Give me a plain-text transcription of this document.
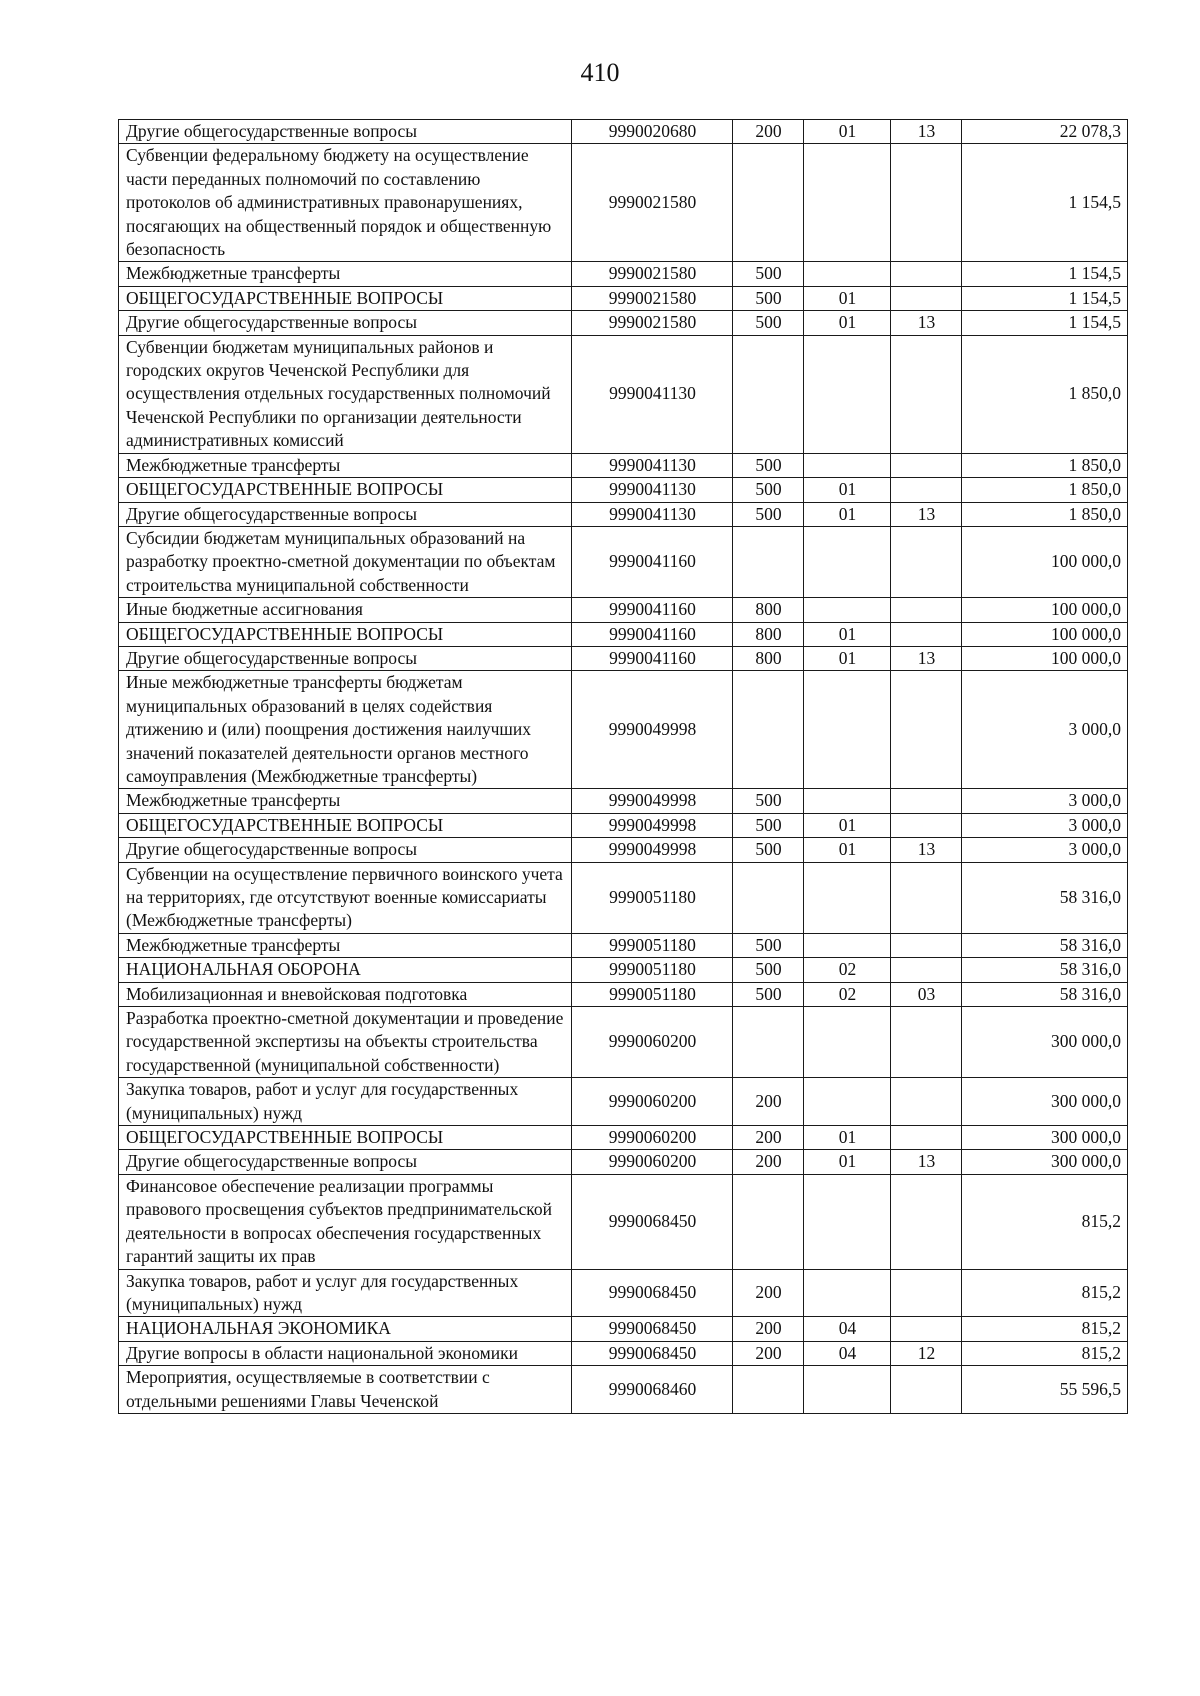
410
Другие общегосударственные вопросы	9990020680	200	01	13	22 078,3
Субвенции федеральному бюджету на осуществление части переданных полномочий по составлению протоколов об административных правонарушениях, посягающих на общественный порядок и общественную безопасность	9990021580				1 154,5
Межбюджетные трансферты	9990021580	500			1 154,5
ОБЩЕГОСУДАРСТВЕННЫЕ ВОПРОСЫ	9990021580	500	01		1 154,5
Другие общегосударственные вопросы	9990021580	500	01	13	1 154,5
Субвенции бюджетам муниципальных районов и городских округов Чеченской Республики для осуществления отдельных государственных полномочий Чеченской Республики по организации деятельности административных комиссий	9990041130				1 850,0
Межбюджетные трансферты	9990041130	500			1 850,0
ОБЩЕГОСУДАРСТВЕННЫЕ ВОПРОСЫ	9990041130	500	01		1 850,0
Другие общегосударственные вопросы	9990041130	500	01	13	1 850,0
Субсидии бюджетам муниципальных образований на разработку проектно-сметной документации по объектам строительства муниципальной собственности	9990041160				100 000,0
Иные бюджетные ассигнования	9990041160	800			100 000,0
ОБЩЕГОСУДАРСТВЕННЫЕ ВОПРОСЫ	9990041160	800	01		100 000,0
Другие общегосударственные вопросы	9990041160	800	01	13	100 000,0
Иные межбюджетные трансферты бюджетам муниципальных образований в целях содействия дтижению и (или) поощрения достижения наилучших значений показателей деятельности органов местного самоуправления (Межбюджетные трансферты)	9990049998				3 000,0
Межбюджетные трансферты	9990049998	500			3 000,0
ОБЩЕГОСУДАРСТВЕННЫЕ ВОПРОСЫ	9990049998	500	01		3 000,0
Другие общегосударственные вопросы	9990049998	500	01	13	3 000,0
Субвенции на осуществление первичного воинского учета на территориях, где отсутствуют военные комиссариаты (Межбюджетные трансферты)	9990051180				58 316,0
Межбюджетные трансферты	9990051180	500			58 316,0
НАЦИОНАЛЬНАЯ ОБОРОНА	9990051180	500	02		58 316,0
Мобилизационная и вневойсковая подготовка	9990051180	500	02	03	58 316,0
Разработка проектно-сметной документации и проведение государственной экспертизы на объекты строительства государственной (муниципальной собственности)	9990060200				300 000,0
Закупка товаров, работ и услуг для государственных (муниципальных) нужд	9990060200	200			300 000,0
ОБЩЕГОСУДАРСТВЕННЫЕ ВОПРОСЫ	9990060200	200	01		300 000,0
Другие общегосударственные вопросы	9990060200	200	01	13	300 000,0
Финансовое обеспечение реализации программы правового просвещения субъектов предпринимательской деятельности в вопросах обеспечения государственных гарантий защиты их прав	9990068450				815,2
Закупка товаров, работ и услуг для государственных (муниципальных) нужд	9990068450	200			815,2
НАЦИОНАЛЬНАЯ ЭКОНОМИКА	9990068450	200	04		815,2
Другие вопросы в области национальной экономики	9990068450	200	04	12	815,2
Мероприятия, осуществляемые в соответствии с отдельными решениями Главы Чеченской	9990068460				55 596,5
